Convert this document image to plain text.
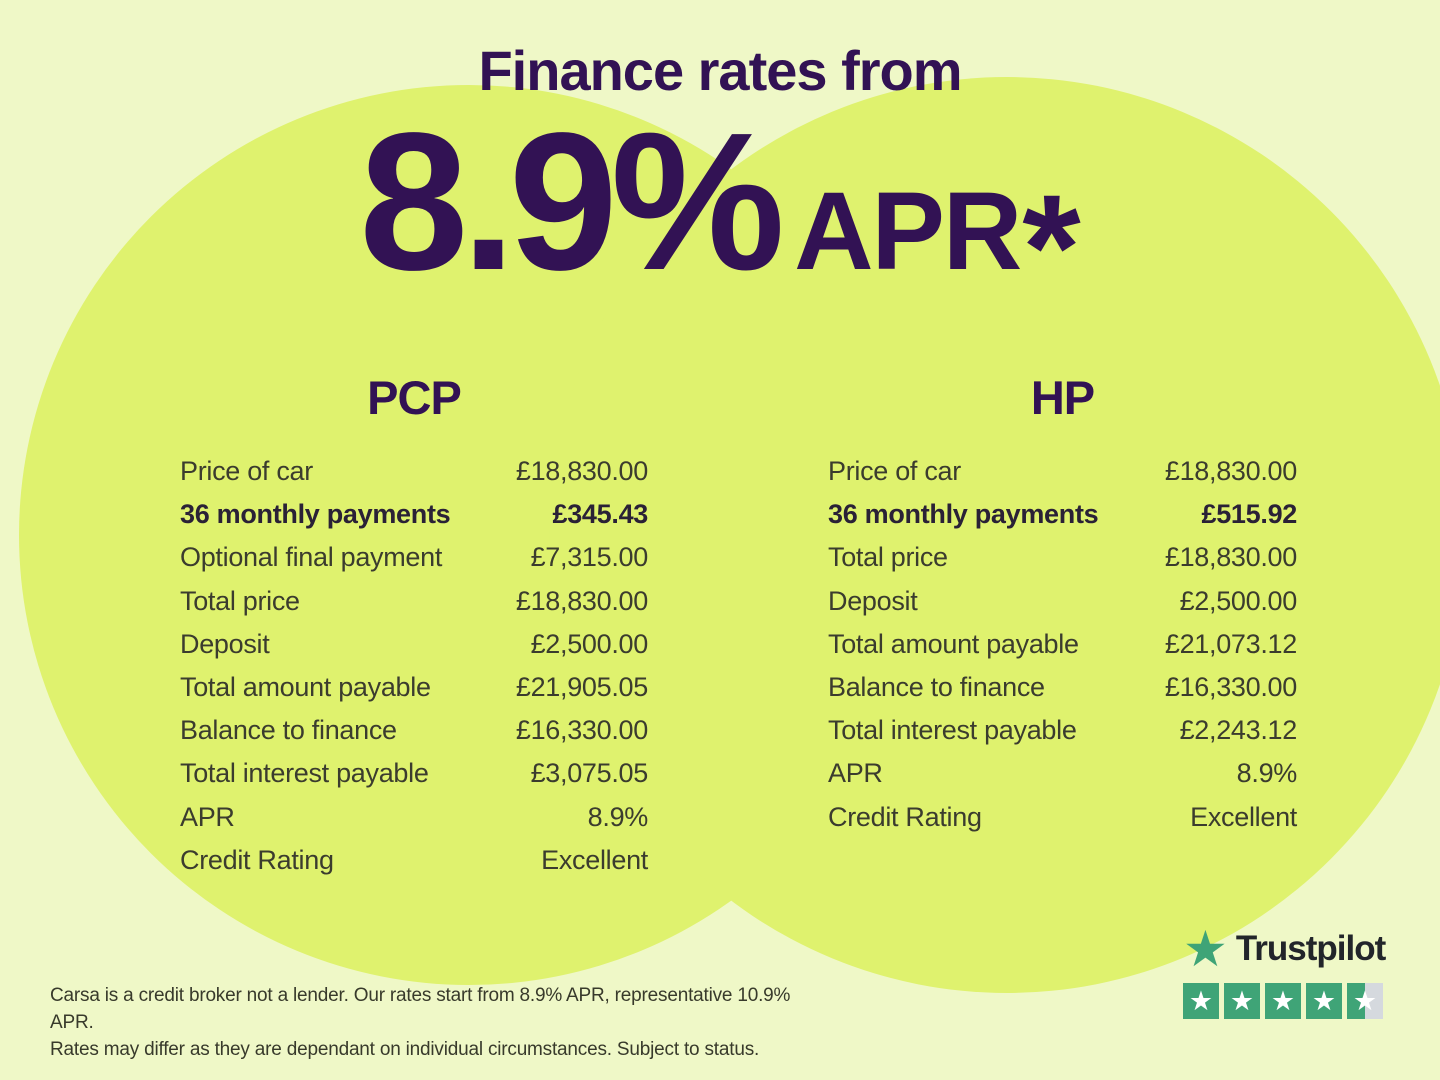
Finance rates from
8.9% APR *
PCP
Price of car	£18,830.00
36 monthly payments	£345.43
Optional final payment	£7,315.00
Total price	£18,830.00
Deposit	£2,500.00
Total amount payable	£21,905.05
Balance to finance	£16,330.00
Total interest payable	£3,075.05
APR	8.9%
Credit Rating	Excellent
HP
Price of car	£18,830.00
36 monthly payments	£515.92
Total price	£18,830.00
Deposit	£2,500.00
Total amount payable	£21,073.12
Balance to finance	£16,330.00
Total interest payable	£2,243.12
APR	8.9%
Credit Rating	Excellent

Carsa is a credit broker not a lender. Our rates start from 8.9% APR, representative 10.9% APR.

Rates may differ as they are dependant on individual circumstances. Subject to status.

★ Trustpilot
★ ★ ★ ★ ★
